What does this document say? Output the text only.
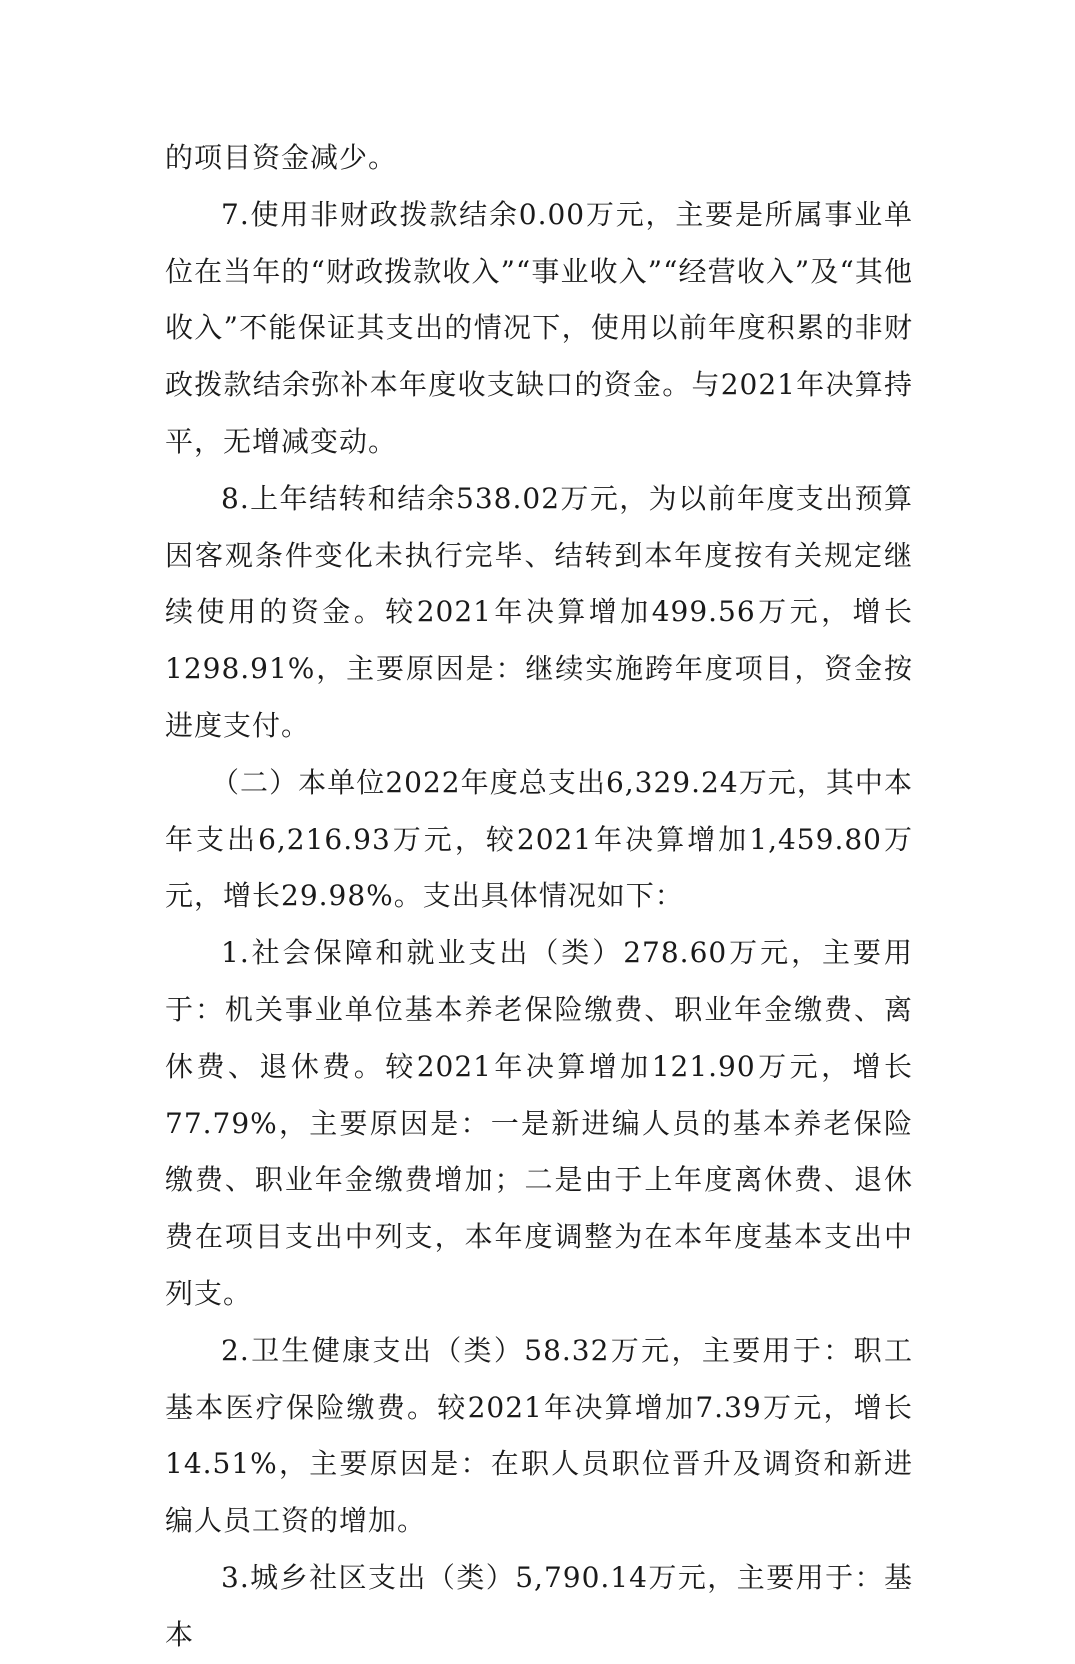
的项目资金减少。

7.使用非财政拨款结余0.00万元，主要是所属事业单位在当年的“财政拨款收入”“事业收入”“经营收入”及“其他收入”不能保证其支出的情况下，使用以前年度积累的非财政拨款结余弥补本年度收支缺口的资金。与2021年决算持平，无增减变动。

8.上年结转和结余538.02万元，为以前年度支出预算因客观条件变化未执行完毕、结转到本年度按有关规定继续使用的资金。较2021年决算增加499.56万元，增长1298.91%，主要原因是：继续实施跨年度项目，资金按进度支付。

（二）本单位2022年度总支出6,329.24万元，其中本年支出6,216.93万元，较2021年决算增加1,459.80万元，增长29.98%。支出具体情况如下：

1.社会保障和就业支出（类）278.60万元，主要用于：机关事业单位基本养老保险缴费、职业年金缴费、离休费、退休费。较2021年决算增加121.90万元，增长77.79%，主要原因是：一是新进编人员的基本养老保险缴费、职业年金缴费增加；二是由于上年度离休费、退休费在项目支出中列支，本年度调整为在本年度基本支出中列支。

2.卫生健康支出（类）58.32万元，主要用于：职工基本医疗保险缴费。较2021年决算增加7.39万元，增长14.51%，主要原因是：在职人员职位晋升及调资和新进编人员工资的增加。

3.城乡社区支出（类）5,790.14万元，主要用于：基本
